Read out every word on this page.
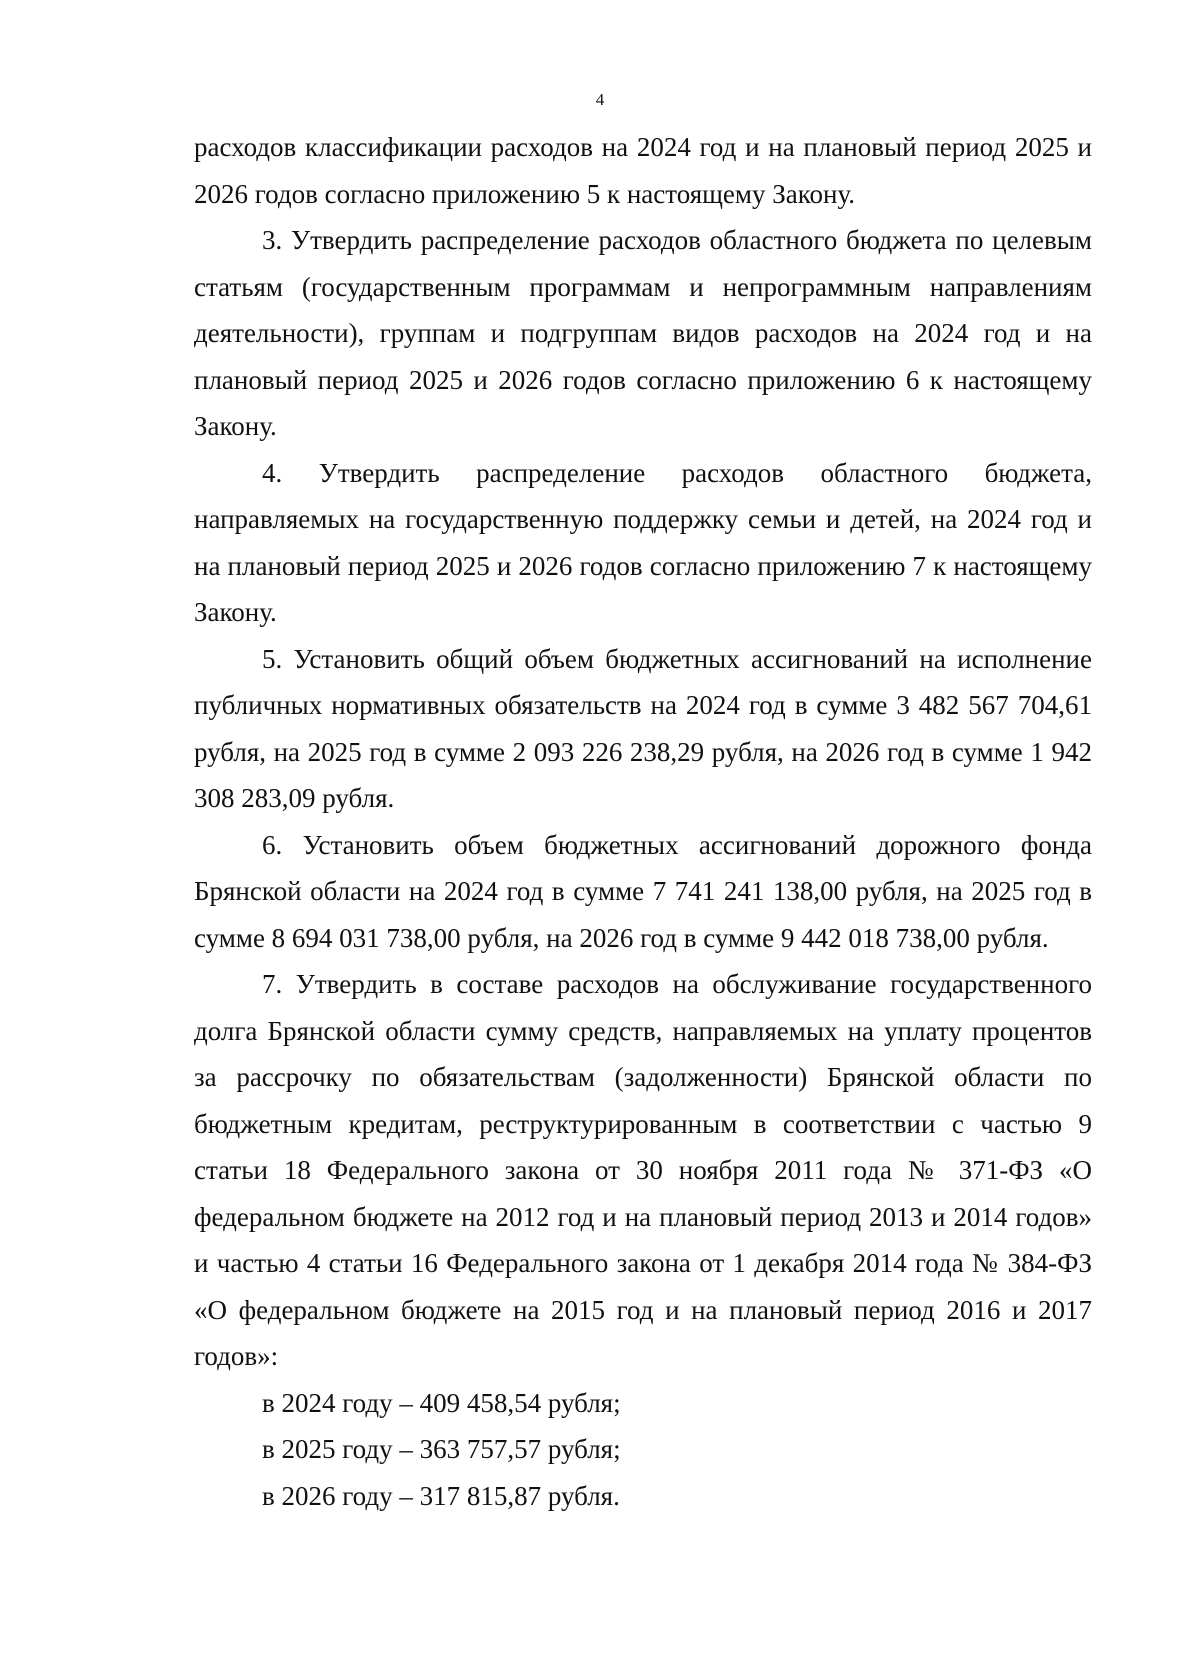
4

расходов классификации расходов на 2024 год и на плановый период 2025 и 2026 годов согласно приложению 5 к настоящему Закону.

3. Утвердить распределение расходов областного бюджета по целевым статьям (государственным программам и непрограммным направлениям деятельности), группам и подгруппам видов расходов на 2024 год и на плановый период 2025 и 2026 годов согласно приложению 6 к настоящему Закону.

4. Утвердить распределение расходов областного бюджета, направляемых на государственную поддержку семьи и детей, на 2024 год и на плановый период 2025 и 2026 годов согласно приложению 7 к настоящему Закону.

5. Установить общий объем бюджетных ассигнований на исполнение публичных нормативных обязательств на 2024 год в сумме 3 482 567 704,61 рубля, на 2025 год в сумме 2 093 226 238,29 рубля, на 2026 год в сумме 1 942 308 283,09 рубля.

6. Установить объем бюджетных ассигнований дорожного фонда Брянской области на 2024 год в сумме 7 741 241 138,00 рубля, на 2025 год в сумме 8 694 031 738,00 рубля, на 2026 год в сумме 9 442 018 738,00 рубля.

7. Утвердить в составе расходов на обслуживание государственного долга Брянской области сумму средств, направляемых на уплату процентов за рассрочку по обязательствам (задолженности) Брянской области по бюджетным кредитам, реструктурированным в соответствии с частью 9 статьи 18 Федерального закона от 30 ноября 2011 года № 371-ФЗ «О федеральном бюджете на 2012 год и на плановый период 2013 и 2014 годов» и частью 4 статьи 16 Федерального закона от 1 декабря 2014 года № 384-ФЗ «О федеральном бюджете на 2015 год и на плановый период 2016 и 2017 годов»:

в 2024 году – 409 458,54 рубля;

в 2025 году – 363 757,57 рубля;

в 2026 году – 317 815,87 рубля.
